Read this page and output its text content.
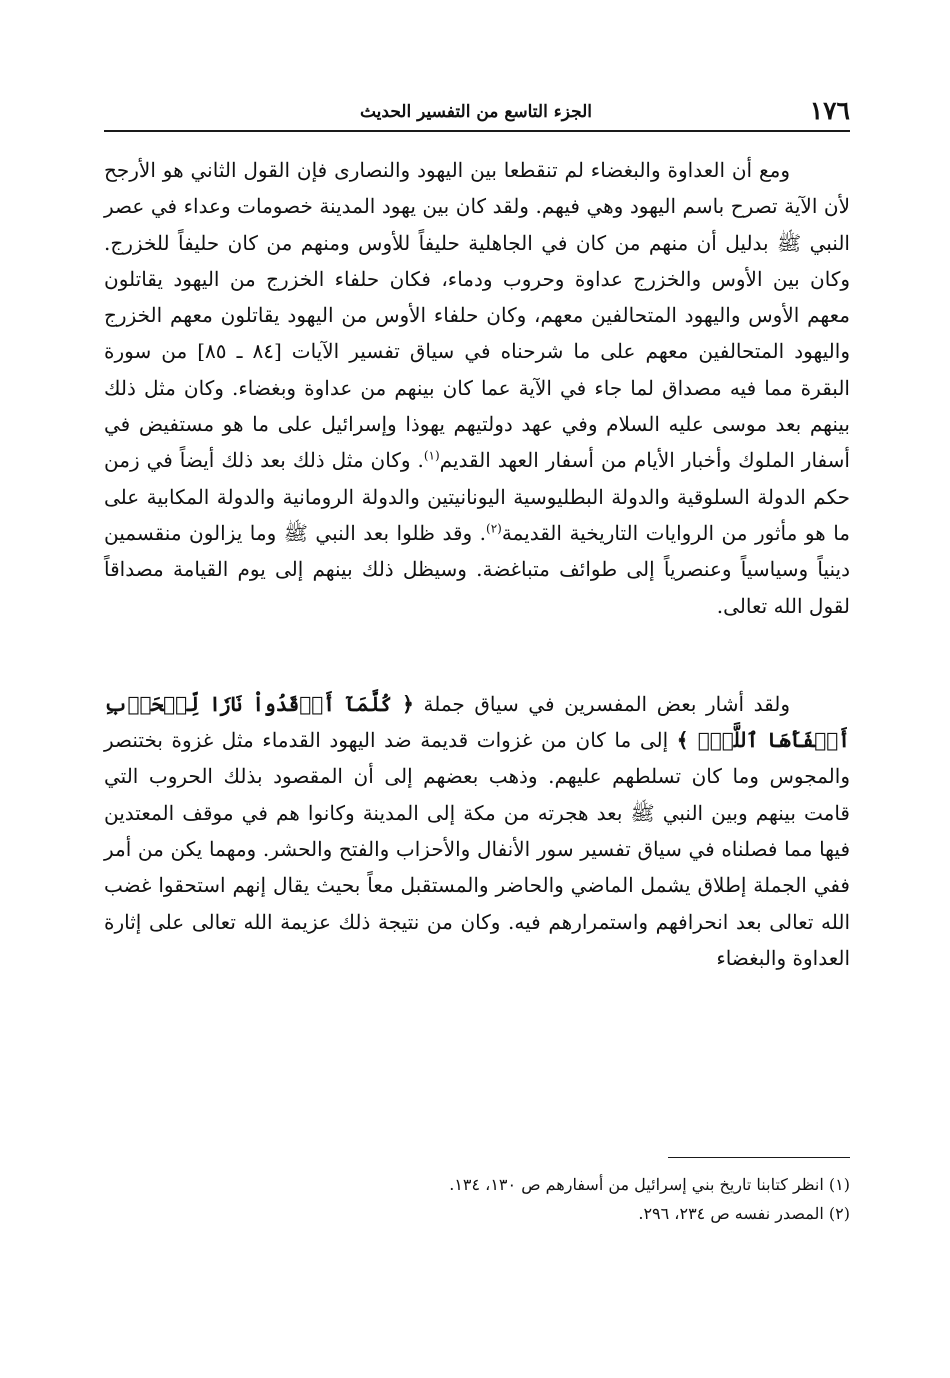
١٧٦
الجزء التاسع من التفسير الحديث

ومع أن العداوة والبغضاء لم تنقطعا بين اليهود والنصارى فإن القول الثاني هو الأرجح لأن الآية تصرح باسم اليهود وهي فيهم. ولقد كان بين يهود المدينة خصومات وعداء في عصر النبي ﷺ بدليل أن منهم من كان في الجاهلية حليفاً للأوس ومنهم من كان حليفاً للخزرج. وكان بين الأوس والخزرج عداوة وحروب ودماء، فكان حلفاء الخزرج من اليهود يقاتلون معهم الأوس واليهود المتحالفين معهم، وكان حلفاء الأوس من اليهود يقاتلون معهم الخزرج واليهود المتحالفين معهم على ما شرحناه في سياق تفسير الآيات [٨٤ ـ ٨٥] من سورة البقرة مما فيه مصداق لما جاء في الآية عما كان بينهم من عداوة وبغضاء. وكان مثل ذلك بينهم بعد موسى عليه السلام وفي عهد دولتيهم يهوذا وإسرائيل على ما هو مستفيض في أسفار الملوك وأخبار الأيام من أسفار العهد القديم$^{(١)}$. وكان مثل ذلك بعد ذلك أيضاً في زمن حكم الدولة السلوقية والدولة البطليوسية اليونانيتين والدولة الرومانية والدولة المكابية على ما هو مأثور من الروايات التاريخية القديمة$^{(٢)}$. وقد ظلوا بعد النبي ﷺ وما يزالون منقسمين دينياً وسياسياً وعنصرياً إلى طوائف متباغضة. وسيظل ذلك بينهم إلى يوم القيامة مصداقاً لقول الله تعالى.

ولقد أشار بعض المفسرين في سياق جملة ﴿ كُلَّمَآ أَوۡقَدُواْ نَارٗا لِّلۡحَرۡبِ أَطۡفَأَهَا ٱللَّهُۚ ﴾ إلى ما كان من غزوات قديمة ضد اليهود القدماء مثل غزوة بختنصر والمجوس وما كان تسلطهم عليهم. وذهب بعضهم إلى أن المقصود بذلك الحروب التي قامت بينهم وبين النبي ﷺ بعد هجرته من مكة إلى المدينة وكانوا هم في موقف المعتدين فيها مما فصلناه في سياق تفسير سور الأنفال والأحزاب والفتح والحشر. ومهما يكن من أمر ففي الجملة إطلاق يشمل الماضي والحاضر والمستقبل معاً بحيث يقال إنهم استحقوا غضب الله تعالى بعد انحرافهم واستمرارهم فيه. وكان من نتيجة ذلك عزيمة الله تعالى على إثارة العداوة والبغضاء

(١) انظر كتابنا تاريخ بني إسرائيل من أسفارهم ص ١٣٠، ١٣٤.
(٢) المصدر نفسه ص ٢٣٤، ٢٩٦.
